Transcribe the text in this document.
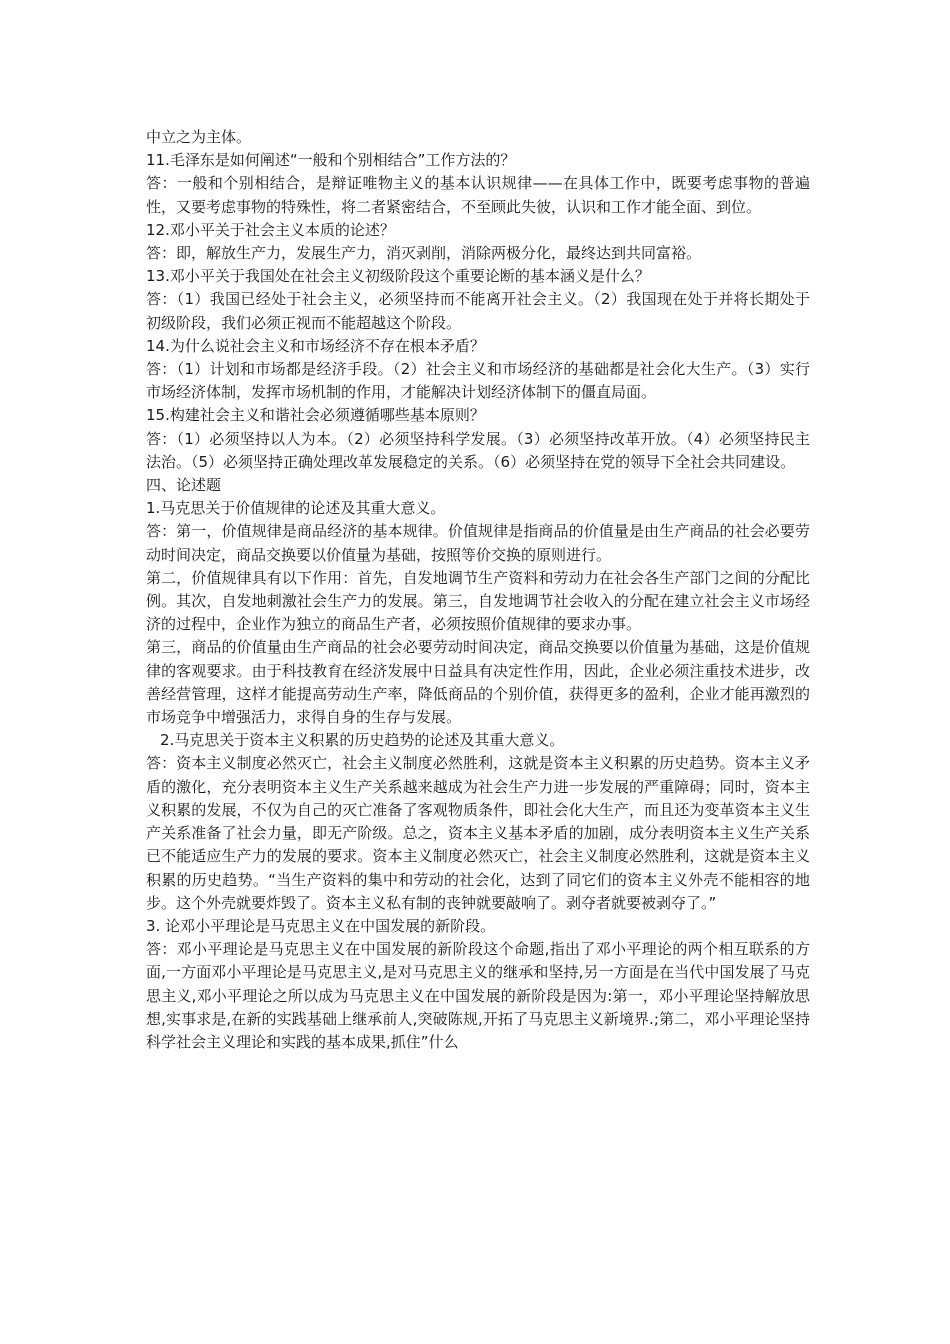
中立之为主体。

11.毛泽东是如何阐述“一般和个别相结合”工作方法的？

答：一般和个别相结合，是辩证唯物主义的基本认识规律——在具体工作中，既要考虑事物的普遍性，又要考虑事物的特殊性，将二者紧密结合，不至顾此失彼，认识和工作才能全面、到位。

12.邓小平关于社会主义本质的论述？

答：即，解放生产力，发展生产力，消灭剥削，消除两极分化，最终达到共同富裕。

13.邓小平关于我国处在社会主义初级阶段这个重要论断的基本涵义是什么？

答：（1）我国已经处于社会主义，必须坚持而不能离开社会主义。（2）我国现在处于并将长期处于初级阶段，我们必须正视而不能超越这个阶段。

14.为什么说社会主义和市场经济不存在根本矛盾？

答：（1）计划和市场都是经济手段。（2）社会主义和市场经济的基础都是社会化大生产。（3）实行市场经济体制，发挥市场机制的作用，才能解决计划经济体制下的僵直局面。

15.构建社会主义和谐社会必须遵循哪些基本原则？

答：（1）必须坚持以人为本。（2）必须坚持科学发展。（3）必须坚持改革开放。（4）必须坚持民主法治。（5）必须坚持正确处理改革发展稳定的关系。（6）必须坚持在党的领导下全社会共同建设。

四、论述题

1.马克思关于价值规律的论述及其重大意义。

答：第一，价值规律是商品经济的基本规律。价值规律是指商品的价值量是由生产商品的社会必要劳动时间决定，商品交换要以价值量为基础，按照等价交换的原则进行。

第二，价值规律具有以下作用：首先，自发地调节生产资料和劳动力在社会各生产部门之间的分配比例。其次，自发地刺激社会生产力的发展。第三，自发地调节社会收入的分配在建立社会主义市场经济的过程中，企业作为独立的商品生产者，必须按照价值规律的要求办事。

第三，商品的价值量由生产商品的社会必要劳动时间决定，商品交换要以价值量为基础，这是价值规律的客观要求。由于科技教育在经济发展中日益具有决定性作用，因此，企业必须注重技术进步，改善经营管理，这样才能提高劳动生产率，降低商品的个别价值，获得更多的盈利，企业才能再激烈的市场竞争中增强活力，求得自身的生存与发展。

2.马克思关于资本主义积累的历史趋势的论述及其重大意义。

答：资本主义制度必然灭亡，社会主义制度必然胜利，这就是资本主义积累的历史趋势。资本主义矛盾的激化，充分表明资本主义生产关系越来越成为社会生产力进一步发展的严重障碍；同时，资本主义积累的发展，不仅为自己的灭亡准备了客观物质条件，即社会化大生产，而且还为变革资本主义生产关系准备了社会力量，即无产阶级。总之，资本主义基本矛盾的加剧，成分表明资本主义生产关系已不能适应生产力的发展的要求。资本主义制度必然灭亡，社会主义制度必然胜利，这就是资本主义积累的历史趋势。“当生产资料的集中和劳动的社会化，达到了同它们的资本主义外壳不能相容的地步。这个外壳就要炸毁了。资本主义私有制的丧钟就要敲响了。剥夺者就要被剥夺了。”

3. 论邓小平理论是马克思主义在中国发展的新阶段。

答：邓小平理论是马克思主义在中国发展的新阶段这个命题,指出了邓小平理论的两个相互联系的方面,一方面邓小平理论是马克思主义,是对马克思主义的继承和坚持,另一方面是在当代中国发展了马克思主义,邓小平理论之所以成为马克思主义在中国发展的新阶段是因为:第一，邓小平理论坚持解放思想,实事求是,在新的实践基础上继承前人,突破陈规,开拓了马克思主义新境界.;第二，邓小平理论坚持科学社会主义理论和实践的基本成果,抓住”什么
